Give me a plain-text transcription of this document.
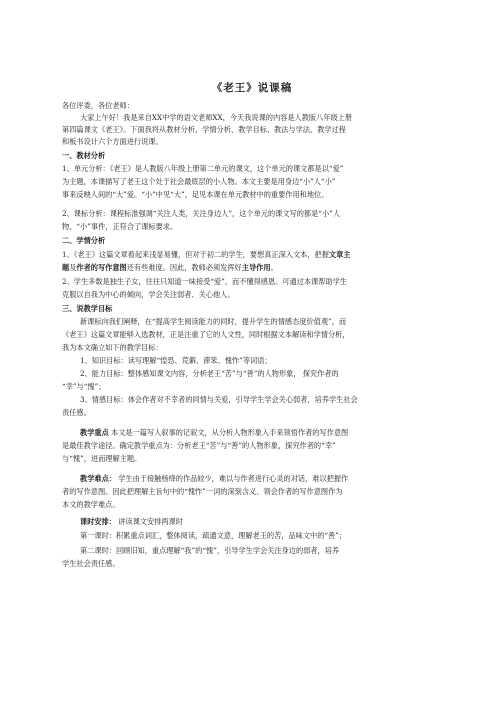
《老王》说课稿
各位评委，各位老师：
大家上午好！我是来自XX中学的语文老师XX，今天我说课的内容是人教版八年级上册
第四篇课文《老王》。下面我将从教材分析、学情分析、教学目标、教法与学法、教学过程
和板书设计六个方面进行说课。
一、教材分析
1、单元分析：《老王》是人教版八年级上册第二单元的课文，这个单元的课文都是以“爱”
为主题，本课描写了老王这个处于社会最底层的小人物。本文主要是用身边“小”人“小”
事来反映人间的“大”爱。“小”中见“大”，足见本课在单元教材中的重要作用和地位。
2、课标分析：课程标准强调“关注人类，关注身边人”，这个单元的课文写的都是“小”人
物、“小”事件，正符合了课标要求。
二、学情分析
1、《老王》这篇文章看起来浅显易懂，但对于初二的学生，要想真正深入文本，把握文章主
题及作者的写作意图还有些难度。因此，教师必须发挥好主导作用。
2、学生多数是独生子女，往往只知道一味接受“爱”，而不懂得感恩。可通过本课帮助学生
克服以自我为中心的倾向，学会关注弱者、关心他人。
三、说教学目标
新课标向我们阐释，在“提高学生阅读能力的同时，提升学生的情感态度价值观”，而
《老王》这篇文章能够入选教材，正是注重了它的人文性，同时根据文本解读和学情分析，
我为本文确立如下的教学目标：
1、知识目标：读写理解“惶恐、荒僻、滞笨、愧怍”等词语；
2、能力目标：整体感知课文内容，分析老王“苦”与“善”的人物形象， 探究作者的
“幸”与“愧”；
3、情感目标：体会作者对不幸者的同情与关爱，引导学生学会关心弱者，培养学生社会
责任感。
教学重点 本文是一篇写人叙事的记叙文，从分析人物形象入手来领悟作者的写作意图
是最佳教学途径。确定教学重点为：分析老王“苦”与“善”的人物形象，探究作者的“幸”
与“愧”，进而理解主题。
教学难点： 学生由于接触杨绛的作品较少，难以与作者进行心灵的对话，难以把握作
者的写作意图。因此把理解主旨句中的“愧怍”一词的深刻含义、领会作者的写作意图作为
本文的教学难点。
课时安排： 讲读课文安排两课时
第一课时：积累重点词汇，整体阅读，疏通文意，理解老王的苦，品味文中的“善”；
第二课时：回顾旧知，重点理解“我”的“愧”，引导学生学会关注身边的弱者，培养
学生社会责任感。
